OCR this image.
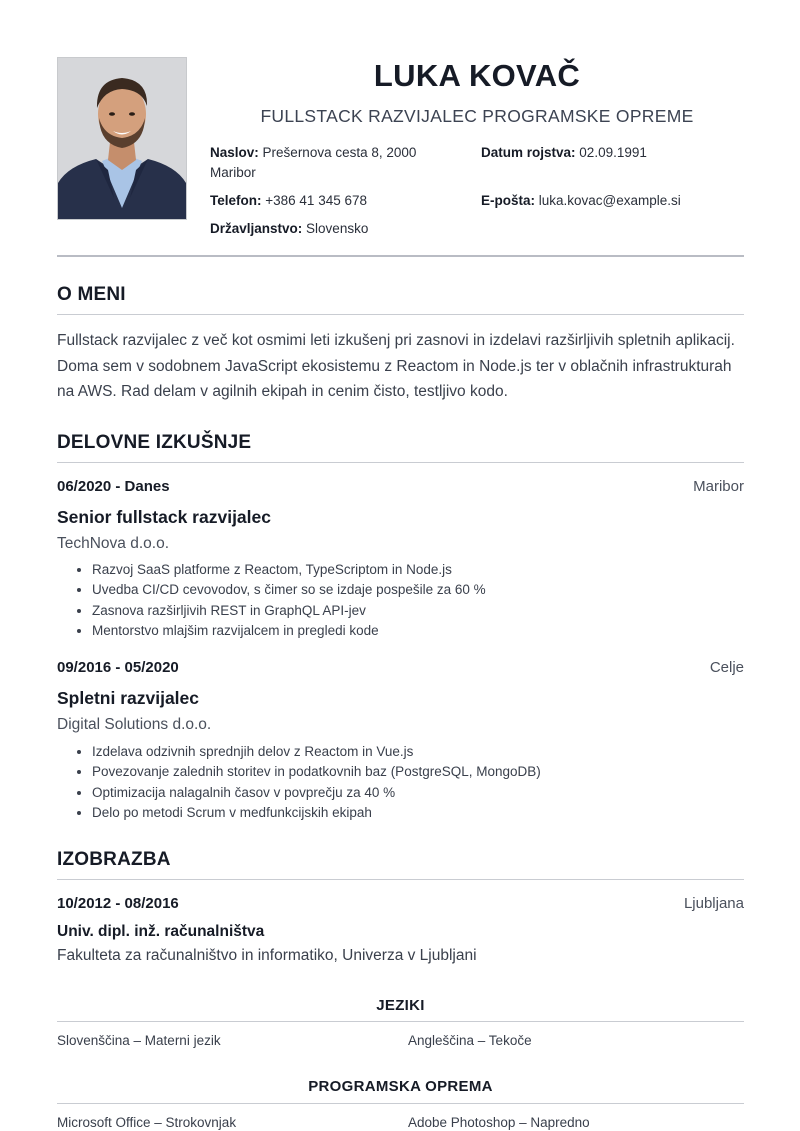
LUKA KOVAČ
FULLSTACK RAZVIJALEC PROGRAMSKE OPREME
Naslov: Prešernova cesta 8, 2000
Maribor
Datum rojstva: 02.09.1991
Telefon: +386 41 345 678	E-pošta: luka.kovac@example.si
Državljanstvo: Slovensko
O MENI
Fullstack razvijalec z več kot osmimi leti izkušenj pri zasnovi in izdelavi razširljivih spletnih aplikacij. Doma sem v sodobnem JavaScript ekosistemu z Reactom in Node.js ter v oblačnih infrastrukturah na AWS. Rad delam v agilnih ekipah in cenim čisto, testljivo kodo.
DELOVNE IZKUŠNJE
06/2020 - Danes	Maribor
Senior fullstack razvijalec
TechNova d.o.o.
• Razvoj SaaS platforme z Reactom, TypeScriptom in Node.js
• Uvedba CI/CD cevovodov, s čimer so se izdaje pospešile za 60 %
• Zasnova razširljivih REST in GraphQL API-jev
• Mentorstvo mlajšim razvijalcem in pregledi kode
09/2016 - 05/2020	Celje
Spletni razvijalec
Digital Solutions d.o.o.
• Izdelava odzivnih sprednjih delov z Reactom in Vue.js
• Povezovanje zalednih storitev in podatkovnih baz (PostgreSQL, MongoDB)
• Optimizacija nalagalnih časov v povprečju za 40 %
• Delo po metodi Scrum v medfunkcijskih ekipah
IZOBRAZBA
10/2012 - 08/2016	Ljubljana
Univ. dipl. inž. računalništva
Fakulteta za računalništvo in informatiko, Univerza v Ljubljani
JEZIKI
Slovenščina – Materni jezik	Angleščina – Tekoče
PROGRAMSKA OPREMA
Microsoft Office – Strokovnjak	Adobe Photoshop – Napredno
